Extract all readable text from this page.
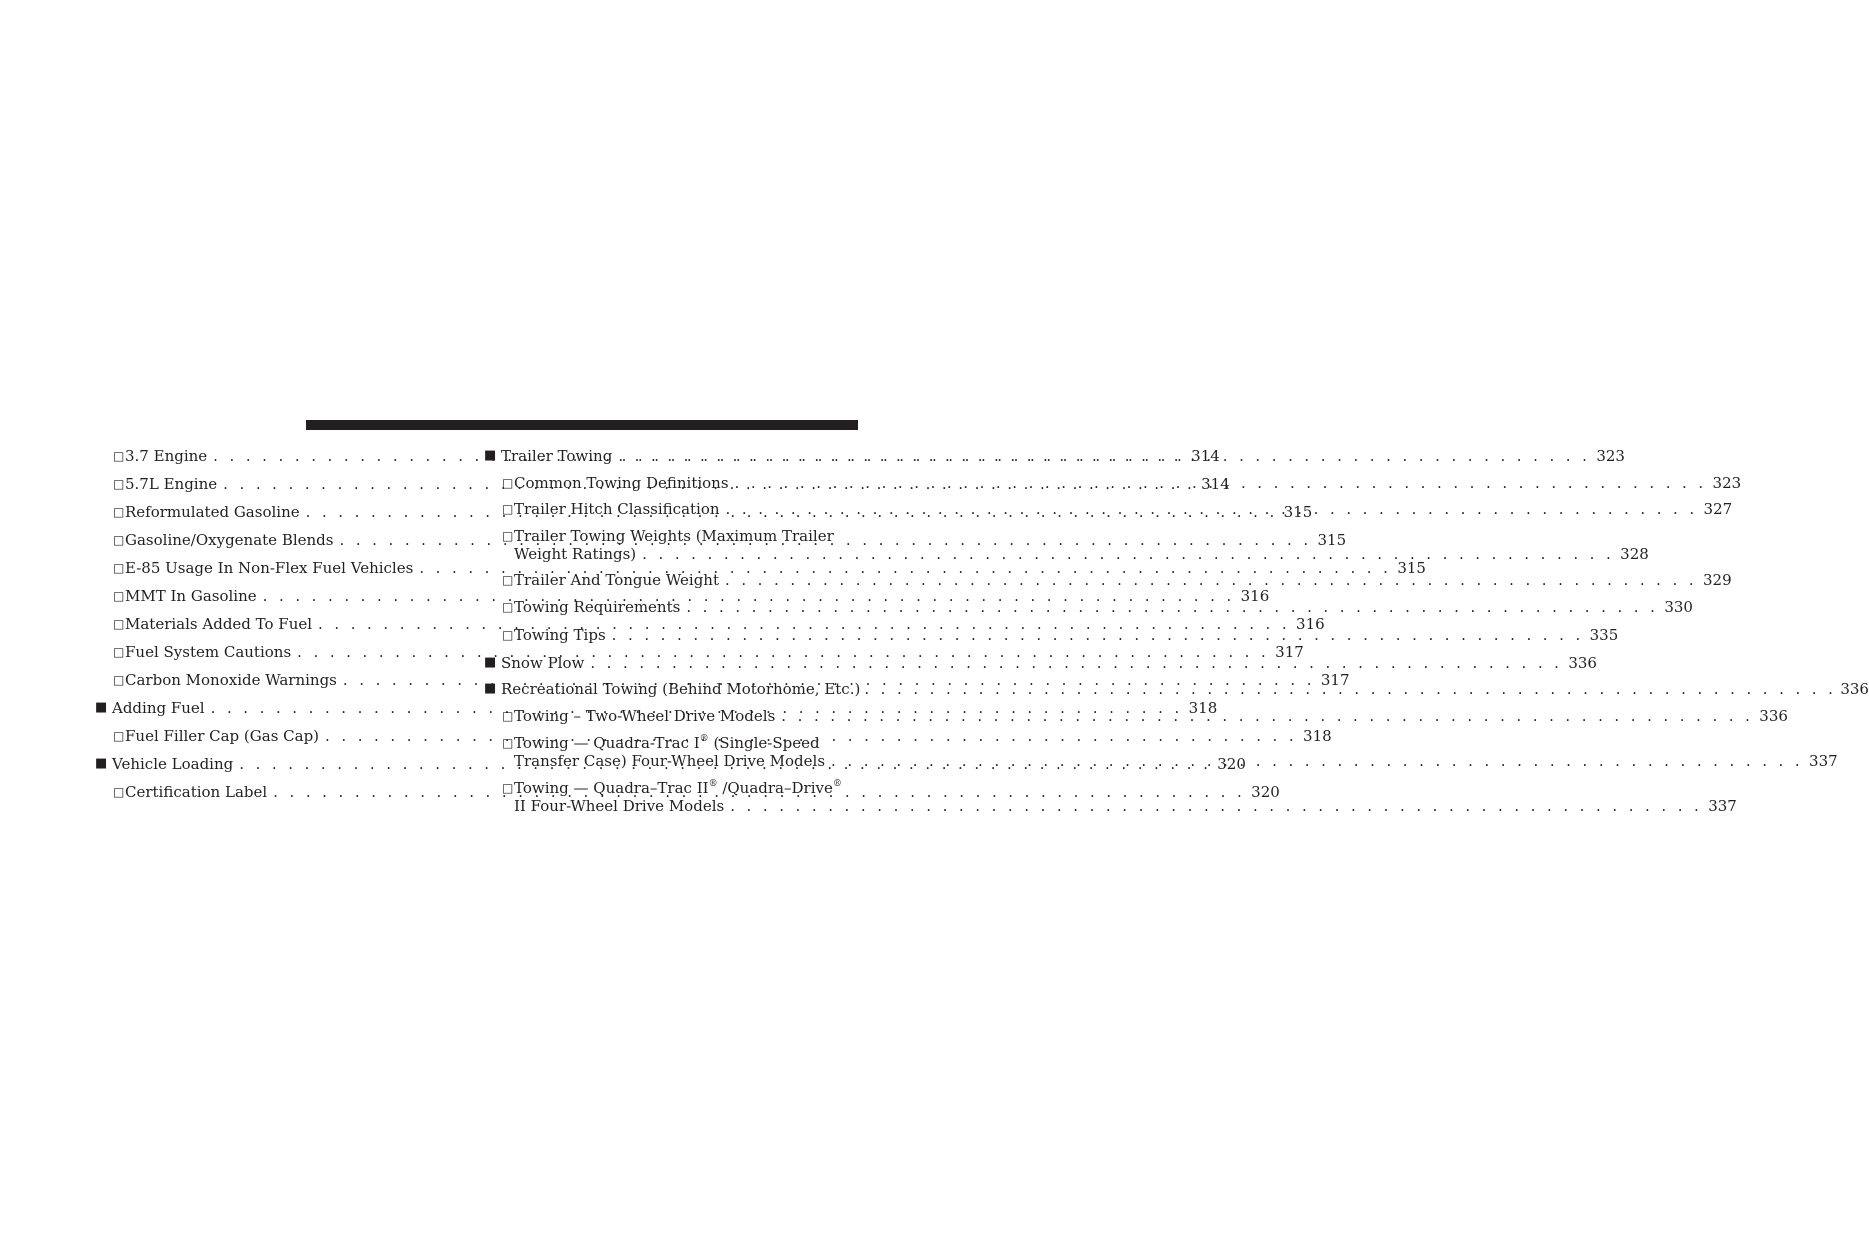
□ 3.7 Engine . . .	314
□ 5.7L Engine . . .	314
□ Reformulated Gasoline . . .	315
□ Gasoline/Oxygenate Blends . . .	315
□ E-85 Usage In Non-Flex Fuel Vehicles . . .	315
□ MMT In Gasoline . . .	316
□ Materials Added To Fuel . . .	316
□ Fuel System Cautions . . .	317
□ Carbon Monoxide Warnings . . .	317
■ Adding Fuel . . .	318
□ Fuel Filler Cap (Gas Cap) . . .	318
■ Vehicle Loading . . .	320
□ Certification Label . . .	320
■ Trailer Towing . . .	323
□ Common Towing Definitions . . .	323
□ Trailer Hitch Classification . . .	327
□ Trailer Towing Weights (Maximum Trailer
Weight Ratings) . . .	328
□ Trailer And Tongue Weight . . .	329
□ Towing Requirements . . .	330
□ Towing Tips . . .	335
■ Snow Plow . . .	336
■ Recreational Towing (Behind Motorhome, Etc.) . . .	336
□ Towing – Two-Wheel Drive Models . . .	336
□ Towing — Quadra-Trac I® (Single-Speed
Transfer Case) Four-Wheel Drive Models . . .	337
□ Towing — Quadra–Trac II® /Quadra–Drive®
II Four-Wheel Drive Models . . .	337
